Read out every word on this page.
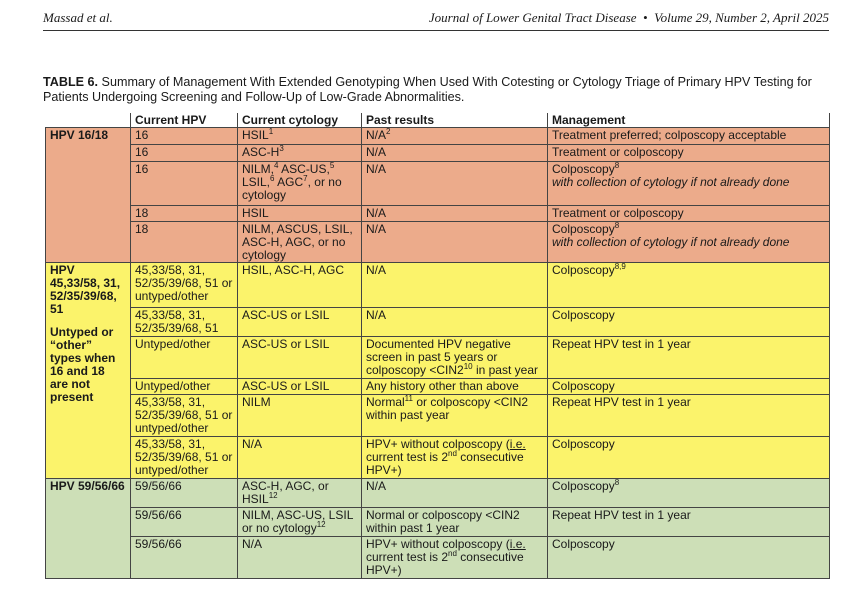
Massad et al.	Journal of Lower Genital Tract Disease • Volume 29, Number 2, April 2025
TABLE 6. Summary of Management With Extended Genotyping When Used With Cotesting or Cytology Triage of Primary HPV Testing for Patients Undergoing Screening and Follow-Up of Low-Grade Abnormalities.
	Current HPV	Current cytology	Past results	Management
HPV 16/18	16	HSIL$^1$	$N/A^2$	Treatment preferred; colposcopy acceptable
	16	ASC-$H^3$	N/A	Treatment or colposcopy
	16	NILM,$^4$ ASC-US,$^5$ LSIL,$^6$ AGC$^7$, or no cytology	N/A	Colposcopy$^8$
with collection of cytology if not already done
	18	HSIL	N/A	Treatment or colposcopy
	18	NILM, ASCUS, LSIL, ASC-H, AGC, or no cytology	N/A	Colposcopy$^8$
with collection of cytology if not already done

HPV 45,33/58, 31, 52/35/39/68, 51
Untyped or “other” types when 16 and 18 are not present	45,33/58, 31, 52/35/39/68, 51 or untyped/other	HSIL, ASC-H, AGC	N/A	Colposcopy$^{8,9}$
	45,33/58, 31, 52/35/39/68, 51	ASC-US or LSIL	N/A	Colposcopy
	Untyped/other	ASC-US or LSIL	Documented HPV negative screen in past 5 years or colposcopy $<CIN2^{10}$ in past year	Repeat HPV test in 1 year
	Untyped/other	ASC-US or LSIL	Any history other than above	Colposcopy
	45,33/58, 31, 52/35/39/68, 51 or untyped/other	NILM	Normal$^{11}$ or colposcopy <CIN2 within past year	Repeat HPV test in 1 year
	45,33/58, 31, 52/35/39/68, 51 or untyped/other	N/A	HPV+ without colposcopy (i.e. current test is 2nd consecutive HPV+)	Colposcopy
HPV 59/56/66	59/56/66	ASC-H, AGC, or HSIL$^{12}$	N/A	Colposcopy$^8$
	59/56/66	NILM, ASC-US, LSIL or no cytology$^{12}$	Normal or colposcopy <CIN2 within past 1 year	Repeat HPV test in 1 year
	59/56/66	N/A	HPV+ without colposcopy (i.e. current test is 2nd consecutive HPV+)	Colposcopy
